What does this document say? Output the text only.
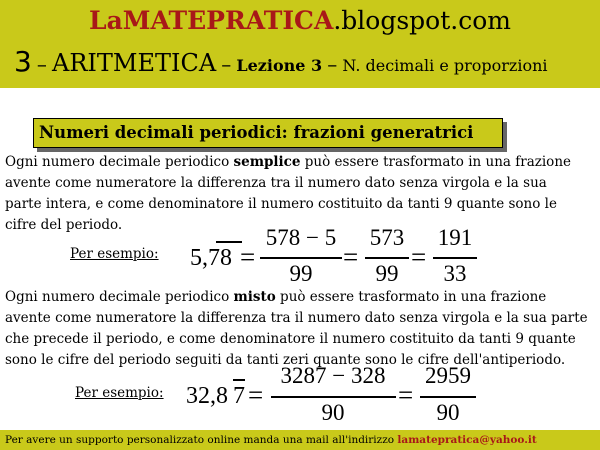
LaMATEPRATICA.blogspot.com
3 – ARITMETICA – Lezione 3 – N. decimali e proporzioni
Numeri decimali periodici: frazioni generatrici

Ogni numero decimale periodico semplice può essere trasformato in una frazione

avente come numeratore la differenza tra il numero dato senza virgola e la sua

parte intera, e come denominatore il numero costituito da tanti 9 quante sono le

cifre del periodo.

Per esempio: 5,78 =
578 − 5
99
=
573
99
=
191
33

Ogni numero decimale periodico misto può essere trasformato in una frazione

avente come numeratore la differenza tra il numero dato senza virgola e la sua parte

che precede il periodo, e come denominatore il numero costituito da tanti 9 quante

sono le cifre del periodo seguiti da tanti zeri quante sono le cifre dell'antiperiodo.

Per esempio: 32,8 7 =
3287 − 328
90
=
2959
90
Per avere un supporto personalizzato online manda una mail all'indirizzo lamatepratica@yahoo.it
